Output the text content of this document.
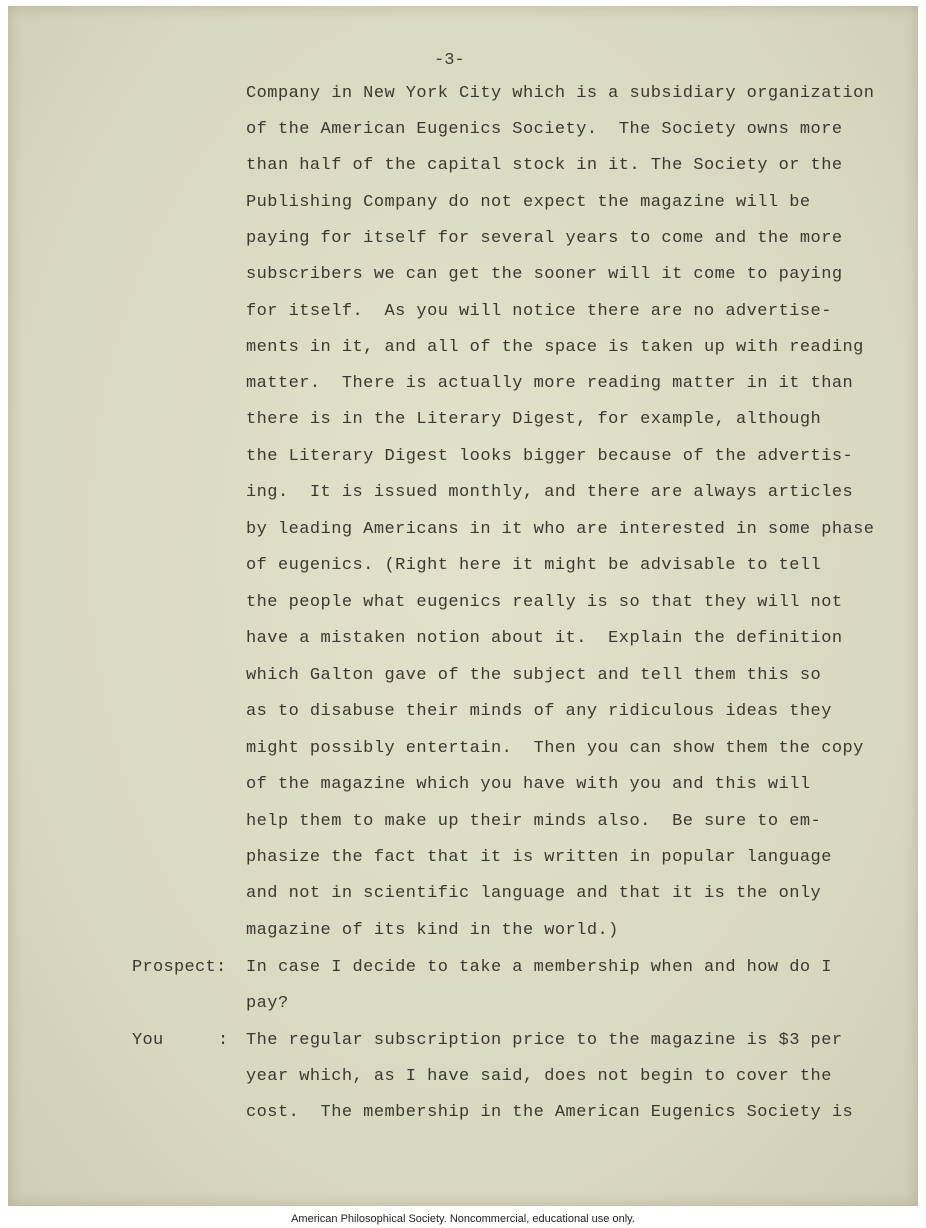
-3-

Company in New York City which is a subsidiary organization

of the American Eugenics Society.  The Society owns more

than half of the capital stock in it. The Society or the

Publishing Company do not expect the magazine will be

paying for itself for several years to come and the more

subscribers we can get the sooner will it come to paying

for itself.  As you will notice there are no advertise-

ments in it, and all of the space is taken up with reading

matter.  There is actually more reading matter in it than

there is in the Literary Digest, for example, although

the Literary Digest looks bigger because of the advertis-

ing.  It is issued monthly, and there are always articles

by leading Americans in it who are interested in some phase

of eugenics. (Right here it might be advisable to tell

the people what eugenics really is so that they will not

have a mistaken notion about it.  Explain the definition

which Galton gave of the subject and tell them this so

as to disabuse their minds of any ridiculous ideas they

might possibly entertain.  Then you can show them the copy

of the magazine which you have with you and this will

help them to make up their minds also.  Be sure to em-

phasize the fact that it is written in popular language

and not in scientific language and that it is the only

magazine of its kind in the world.)

Prospect:

In case I decide to take a membership when and how do I

pay?

You

	:

The regular subscription price to the magazine is $3 per

year which, as I have said, does not begin to cover the

cost.  The membership in the American Eugenics Society is

American Philosophical Society. Noncommercial, educational use only.
